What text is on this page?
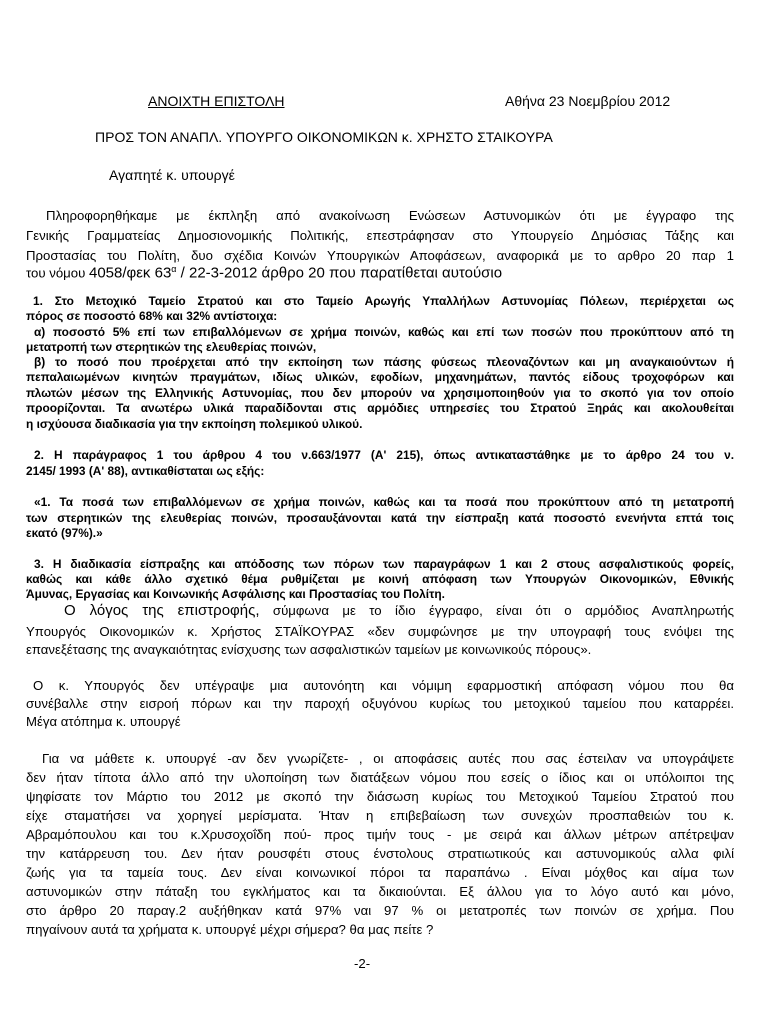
ΑΝΟΙΧΤΗ ΕΠΙΣΤΟΛΗ	Αθήνα 23 Νοεμβρίου 2012
ΠΡΟΣ ΤΟΝ ΑΝΑΠΛ. ΥΠΟΥΡΓΟ ΟΙΚΟΝΟΜΙΚΩΝ κ. ΧΡΗΣΤΟ ΣΤΑΙΚΟΥΡΑ
Αγαπητέ κ. υπουργέ
Πληροφορηθήκαμε με έκπληξη από ανακοίνωση Ενώσεων Αστυνομικών ότι με έγγραφο της
Γενικής Γραμματείας Δημοσιονομικής Πολιτικής, επεστράφησαν στο Υπουργείο Δημόσιας Τάξης και
Προστασίας του Πολίτη, δυο σχέδια Κοινών Υπουργικών Αποφάσεων, αναφορικά με το αρθρο 20 παρ 1
του νόμου 4058/φεκ $63^\alpha / 22-3-2012$ άρθρο 20 που παρατίθεται αυτούσιο
1. Στο Μετοχικό Ταμείο Στρατού και στο Ταμείο Αρωγής Υπαλλήλων Αστυνομίας Πόλεων, περιέρχεται ως
πόρος σε ποσοστό 68% και 32% αντίστοιχα:
α) ποσοστό 5% επί των επιβαλλόμενων σε χρήμα ποινών, καθώς και επί των ποσών που προκύπτουν από τη
μετατροπή των στερητικών της ελευθερίας ποινών,
β) το ποσό που προέρχεται από την εκποίηση των πάσης φύσεως πλεοναζόντων και μη αναγκαιούντων ή
πεπαλαιωμένων κινητών πραγμάτων, ιδίως υλικών, εφοδίων, μηχανημάτων, παντός είδους τροχοφόρων και
πλωτών μέσων της Ελληνικής Αστυνομίας, που δεν μπορούν να χρησιμοποιηθούν για το σκοπό για τον οποίο
προορίζονται. Τα ανωτέρω υλικά παραδίδονται στις αρμόδιες υπηρεσίες του Στρατού Ξηράς και ακολουθείται
η ισχύουσα διαδικασία για την εκποίηση πολεμικού υλικού.
2. Η παράγραφος 1 του άρθρου 4 του ν.663/1977 (Α' 215), όπως αντικαταστάθηκε με το άρθρο 24 του ν.
2145/ 1993 (Α' 88), αντικαθίσταται ως εξής:
«1. Τα ποσά των επιβαλλόμενων σε χρήμα ποινών, καθώς και τα ποσά που προκύπτουν από τη μετατροπή
των στερητικών της ελευθερίας ποινών, προσαυξάνονται κατά την είσπραξη κατά ποσοστό ενενήντα επτά τοις
εκατό (97%).»
3. Η διαδικασία είσπραξης και απόδοσης των πόρων των παραγράφων 1 και 2 στους ασφαλιστικούς φορείς,
καθώς και κάθε άλλο σχετικό θέμα ρυθμίζεται με κοινή απόφαση των Υπουργών Οικονομικών, Εθνικής
Άμυνας, Εργασίας και Κοινωνικής Ασφάλισης και Προστασίας του Πολίτη.
Ο λόγος της επιστροφής, σύμφωνα με το ίδιο έγγραφο, είναι ότι ο αρμόδιος Αναπληρωτής
Υπουργός Οικονομικών κ. Χρήστος ΣΤΑΪΚΟΥΡΑΣ «δεν συμφώνησε με την υπογραφή τους ενόψει της
επανεξέτασης της αναγκαιότητας ενίσχυσης των ασφαλιστικών ταμείων με κοινωνικούς πόρους».
Ο κ. Υπουργός δεν υπέγραψε μια αυτονόητη και νόμιμη εφαρμοστική απόφαση νόμου που θα
συνέβαλλε στην εισροή πόρων και την παροχή οξυγόνου κυρίως του μετοχικού ταμείου που καταρρέει.
Μέγα ατόπημα κ. υπουργέ
Για να μάθετε κ. υπουργέ -αν δεν γνωρίζετε- , οι αποφάσεις αυτές που σας έστειλαν να υπογράψετε
δεν ήταν τίποτα άλλο από την υλοποίηση των διατάξεων νόμου που εσείς ο ίδιος και οι υπόλοιποι της
ψηφίσατε τον Μάρτιο του 2012 με σκοπό την διάσωση κυρίως του Μετοχικού Ταμείου Στρατού που
είχε σταματήσει να χορηγεί μερίσματα. Ήταν η επιβεβαίωση των συνεχών προσπαθειών του κ.
Αβραμόπουλου και του κ.Χρυσοχοΐδη πού- προς τιμήν τους - με σειρά και άλλων μέτρων απέτρεψαν
την κατάρρευση του. Δεν ήταν ρουσφέτι στους ένστολους στρατιωτικούς και αστυνομικούς αλλα φιλί
ζωής για τα ταμεία τους. Δεν είναι κοινωνικοί πόροι τα παραπάνω . Είναι μόχθος και αίμα των
αστυνομικών στην πάταξη του εγκλήματος και τα δικαιούνται. Εξ άλλου για το λόγο αυτό και μόνο,
στο άρθρο 20 παραγ.2 αυξήθηκαν κατά 97% ναι 97 % οι μετατροπές των ποινών σε χρήμα. Που
πηγαίνουν αυτά τα χρήματα κ. υπουργέ μέχρι σήμερα? θα μας πείτε ?
-2-
